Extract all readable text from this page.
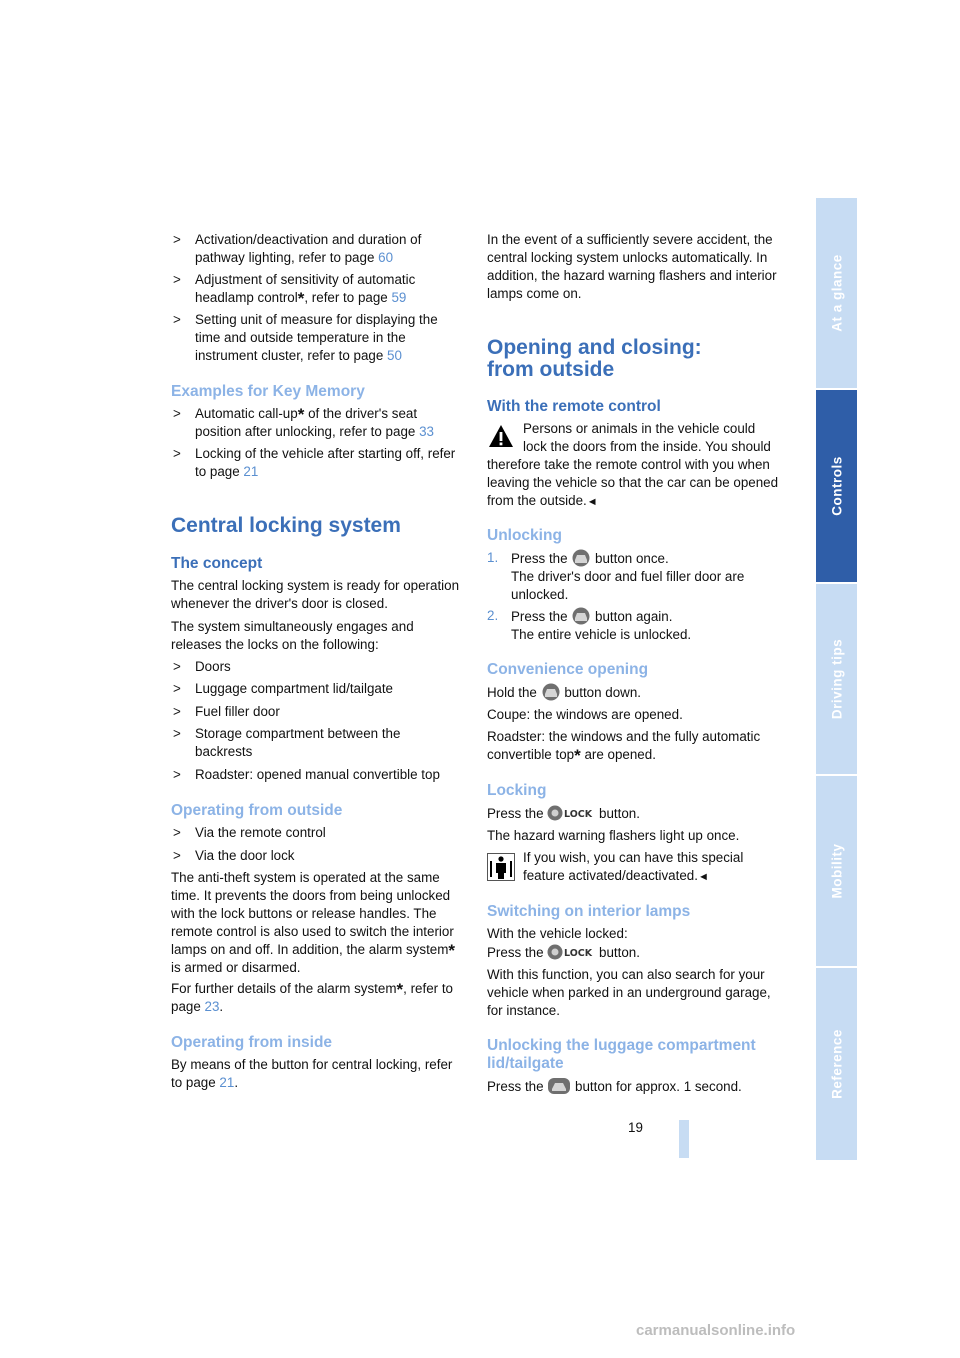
> Activation/deactivation and duration of pathway lighting, refer to page 60
> Adjustment of sensitivity of automatic headlamp control*, refer to page 59
> Setting unit of measure for displaying the time and outside temperature in the instrument cluster, refer to page 50
Examples for Key Memory
> Automatic call-up* of the driver's seat position after unlocking, refer to page 33
> Locking of the vehicle after starting off, refer to page 21
Central locking system
The concept

The central locking system is ready for operation whenever the driver's door is closed.

The system simultaneously engages and releases the locks on the following:

> Doors
> Luggage compartment lid/tailgate
> Fuel filler door
> Storage compartment between the backrests
> Roadster: opened manual convertible top
Operating from outside
> Via the remote control
> Via the door lock

The anti-theft system is operated at the same time. It prevents the doors from being unlocked with the lock buttons or release handles. The remote control is also used to switch the interior lamps on and off. In addition, the alarm system* is armed or disarmed.

For further details of the alarm system*, refer to page 23.

Operating from inside

By means of the button for central locking, refer to page 21.

In the event of a sufficiently severe accident, the central locking system unlocks automatically. In addition, the hazard warning flashers and interior lamps come on.

Opening and closing:
from outside
With the remote control
Persons or animals in the vehicle could lock the doors from the inside. You should
therefore take the remote control with you when leaving the vehicle so that the car can be opened from the outside.◄
Unlocking
1. Press the  button once.
The driver's door and fuel filler door are unlocked.
2. Press the  button again.
The entire vehicle is unlocked.
Convenience opening

Hold the  button down.

Coupe: the windows are opened.

Roadster: the windows and the fully automatic convertible top* are opened.

Locking

Press the LOCK button.

The hazard warning flashers light up once.

If you wish, you can have this special feature activated/deactivated.◄
Switching on interior lamps

With the vehicle locked:

Press the LOCK button.

With this function, you can also search for your vehicle when parked in an underground garage, for instance.

Unlocking the luggage compartment
lid/tailgate

Press the  button for approx. 1 second.

At a glance
Controls
Driving tips
Mobility
Reference
19
carmanualsonline.info
